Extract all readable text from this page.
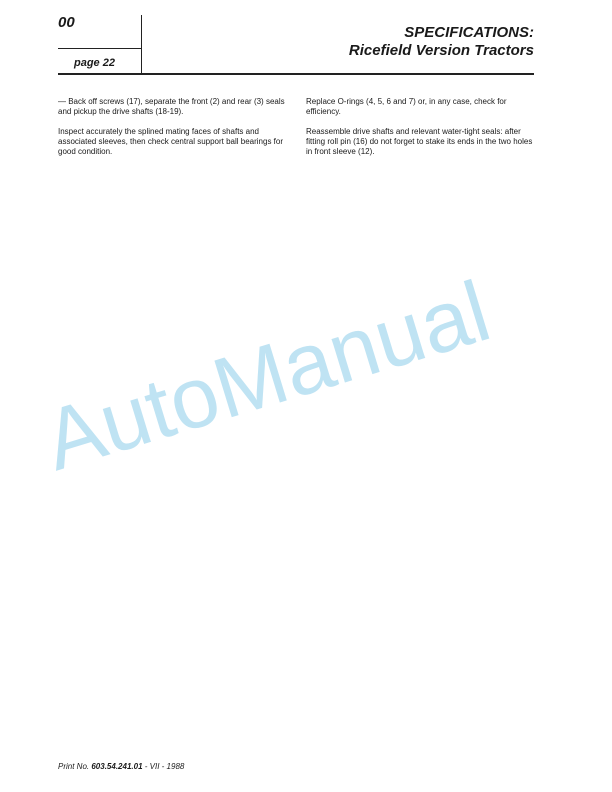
00
page 22
SPECIFICATIONS:
Ricefield Version Tractors

— Back off screws (17), separate the front (2) and rear (3) seals and pickup the drive shafts (18-19).

Inspect accurately the splined mating faces of shafts and associated sleeves, then check central support ball bearings for good condition.

Replace O-rings (4, 5, 6 and 7) or, in any case, check for efficiency.

Reassemble drive shafts and relevant water-tight seals: after fitting roll pin (16) do not forget to stake its ends in the two holes in front sleeve (12).

AutoManual
Print No. 603.54.241.01 - VII - 1988
